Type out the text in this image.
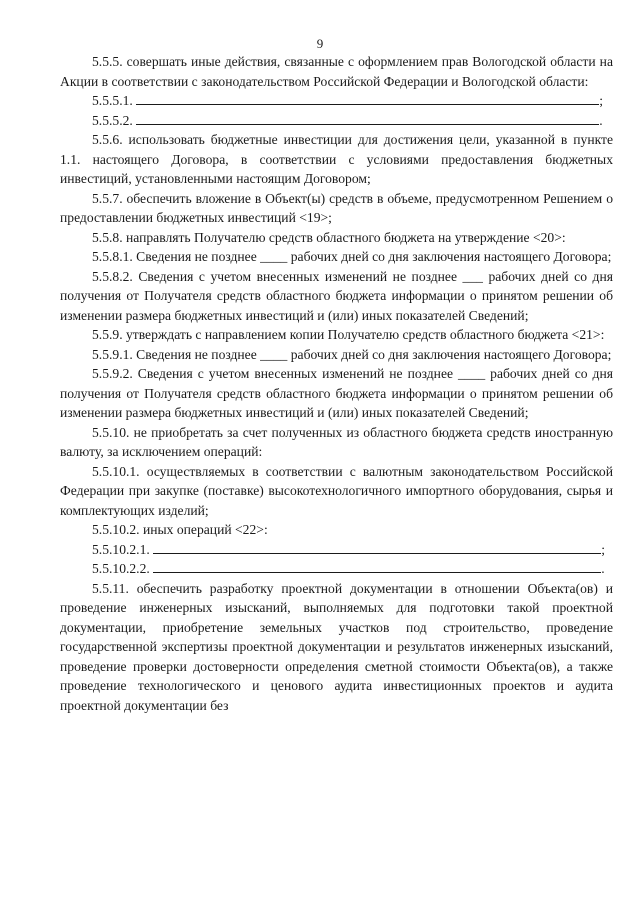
9

5.5.5. совершать иные действия, связанные с оформлением прав Вологодской области на Акции в соответствии с законодательством Российской Федерации и Вологодской области:

5.5.5.1.	;

5.5.5.2.	.

5.5.6. использовать бюджетные инвестиции для достижения цели, указанной в пункте 1.1. настоящего Договора, в соответствии с условиями предоставления бюджетных инвестиций, установленными настоящим Договором;

5.5.7. обеспечить вложение в Объект(ы) средств в объеме, предусмотренном Решением о предоставлении бюджетных инвестиций <19>;

5.5.8. направлять Получателю средств областного бюджета на утверждение <20>:

5.5.8.1. Сведения не позднее ____ рабочих дней со дня заключения настоящего Договора;

5.5.8.2. Сведения с учетом внесенных изменений не позднее ___ рабочих дней со дня получения от Получателя средств областного бюджета информации о принятом решении об изменении размера бюджетных инвестиций и (или) иных показателей Сведений;

5.5.9. утверждать с направлением копии Получателю средств областного бюджета <21>:

5.5.9.1. Сведения не позднее ____ рабочих дней со дня заключения настоящего Договора;

5.5.9.2. Сведения с учетом внесенных изменений не позднее ____ рабочих дней со дня получения от Получателя средств областного бюджета информации о принятом решении об изменении размера бюджетных инвестиций и (или) иных показателей Сведений;

5.5.10. не приобретать за счет полученных из областного бюджета средств иностранную валюту, за исключением операций:

5.5.10.1. осуществляемых в соответствии с валютным законодательством Российской Федерации при закупке (поставке) высокотехнологичного импортного оборудования, сырья и комплектующих изделий;

5.5.10.2. иных операций <22>:

5.5.10.2.1.	;

5.5.10.2.2.	.

5.5.11. обеспечить разработку проектной документации в отношении Объекта(ов) и проведение инженерных изысканий, выполняемых для подготовки такой проектной документации, приобретение земельных участков под строительство, проведение государственной экспертизы проектной документации и результатов инженерных изысканий, проведение проверки достоверности определения сметной стоимости Объекта(ов), а также проведение технологического и ценового аудита инвестиционных проектов и аудита проектной документации без
